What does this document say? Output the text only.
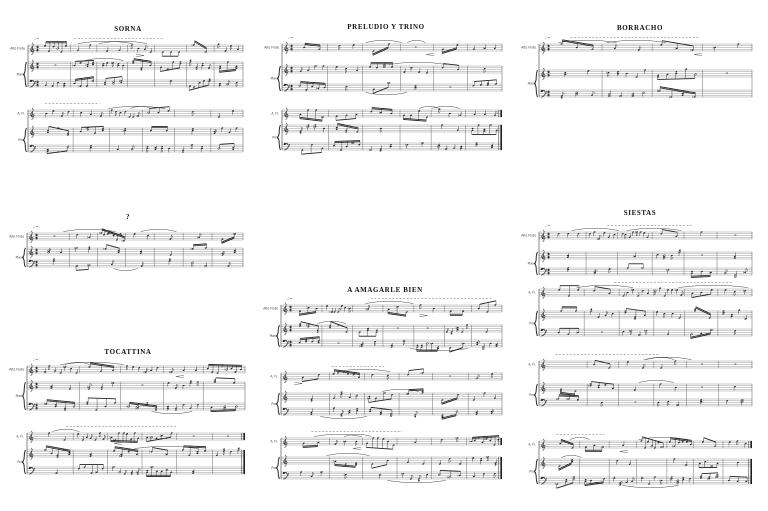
SORNA
Alto Flute
Piano
♩ =
A. Fl.
Pno.
PRELUDIO Y TRINO
Alto Flute
Piano
♩ =
A. Fl.
Pno.
BORRACHO
Alto Flute
Piano
♩ =
?
Alto Flute
Piano
♩ =
SIESTAS
Alto Flute
Piano
♩ =
A. Fl.
Pno.
A. Fl.
Pno.
A. Fl.
Pno.
A AMAGARLE BIEN
Alto Flute
Piano
♩ =
A. Fl.
Pno.
A. Fl.
Pno.
TOCATTINA
Alto Flute
Piano
♩ =
A. Fl.
Pno.
